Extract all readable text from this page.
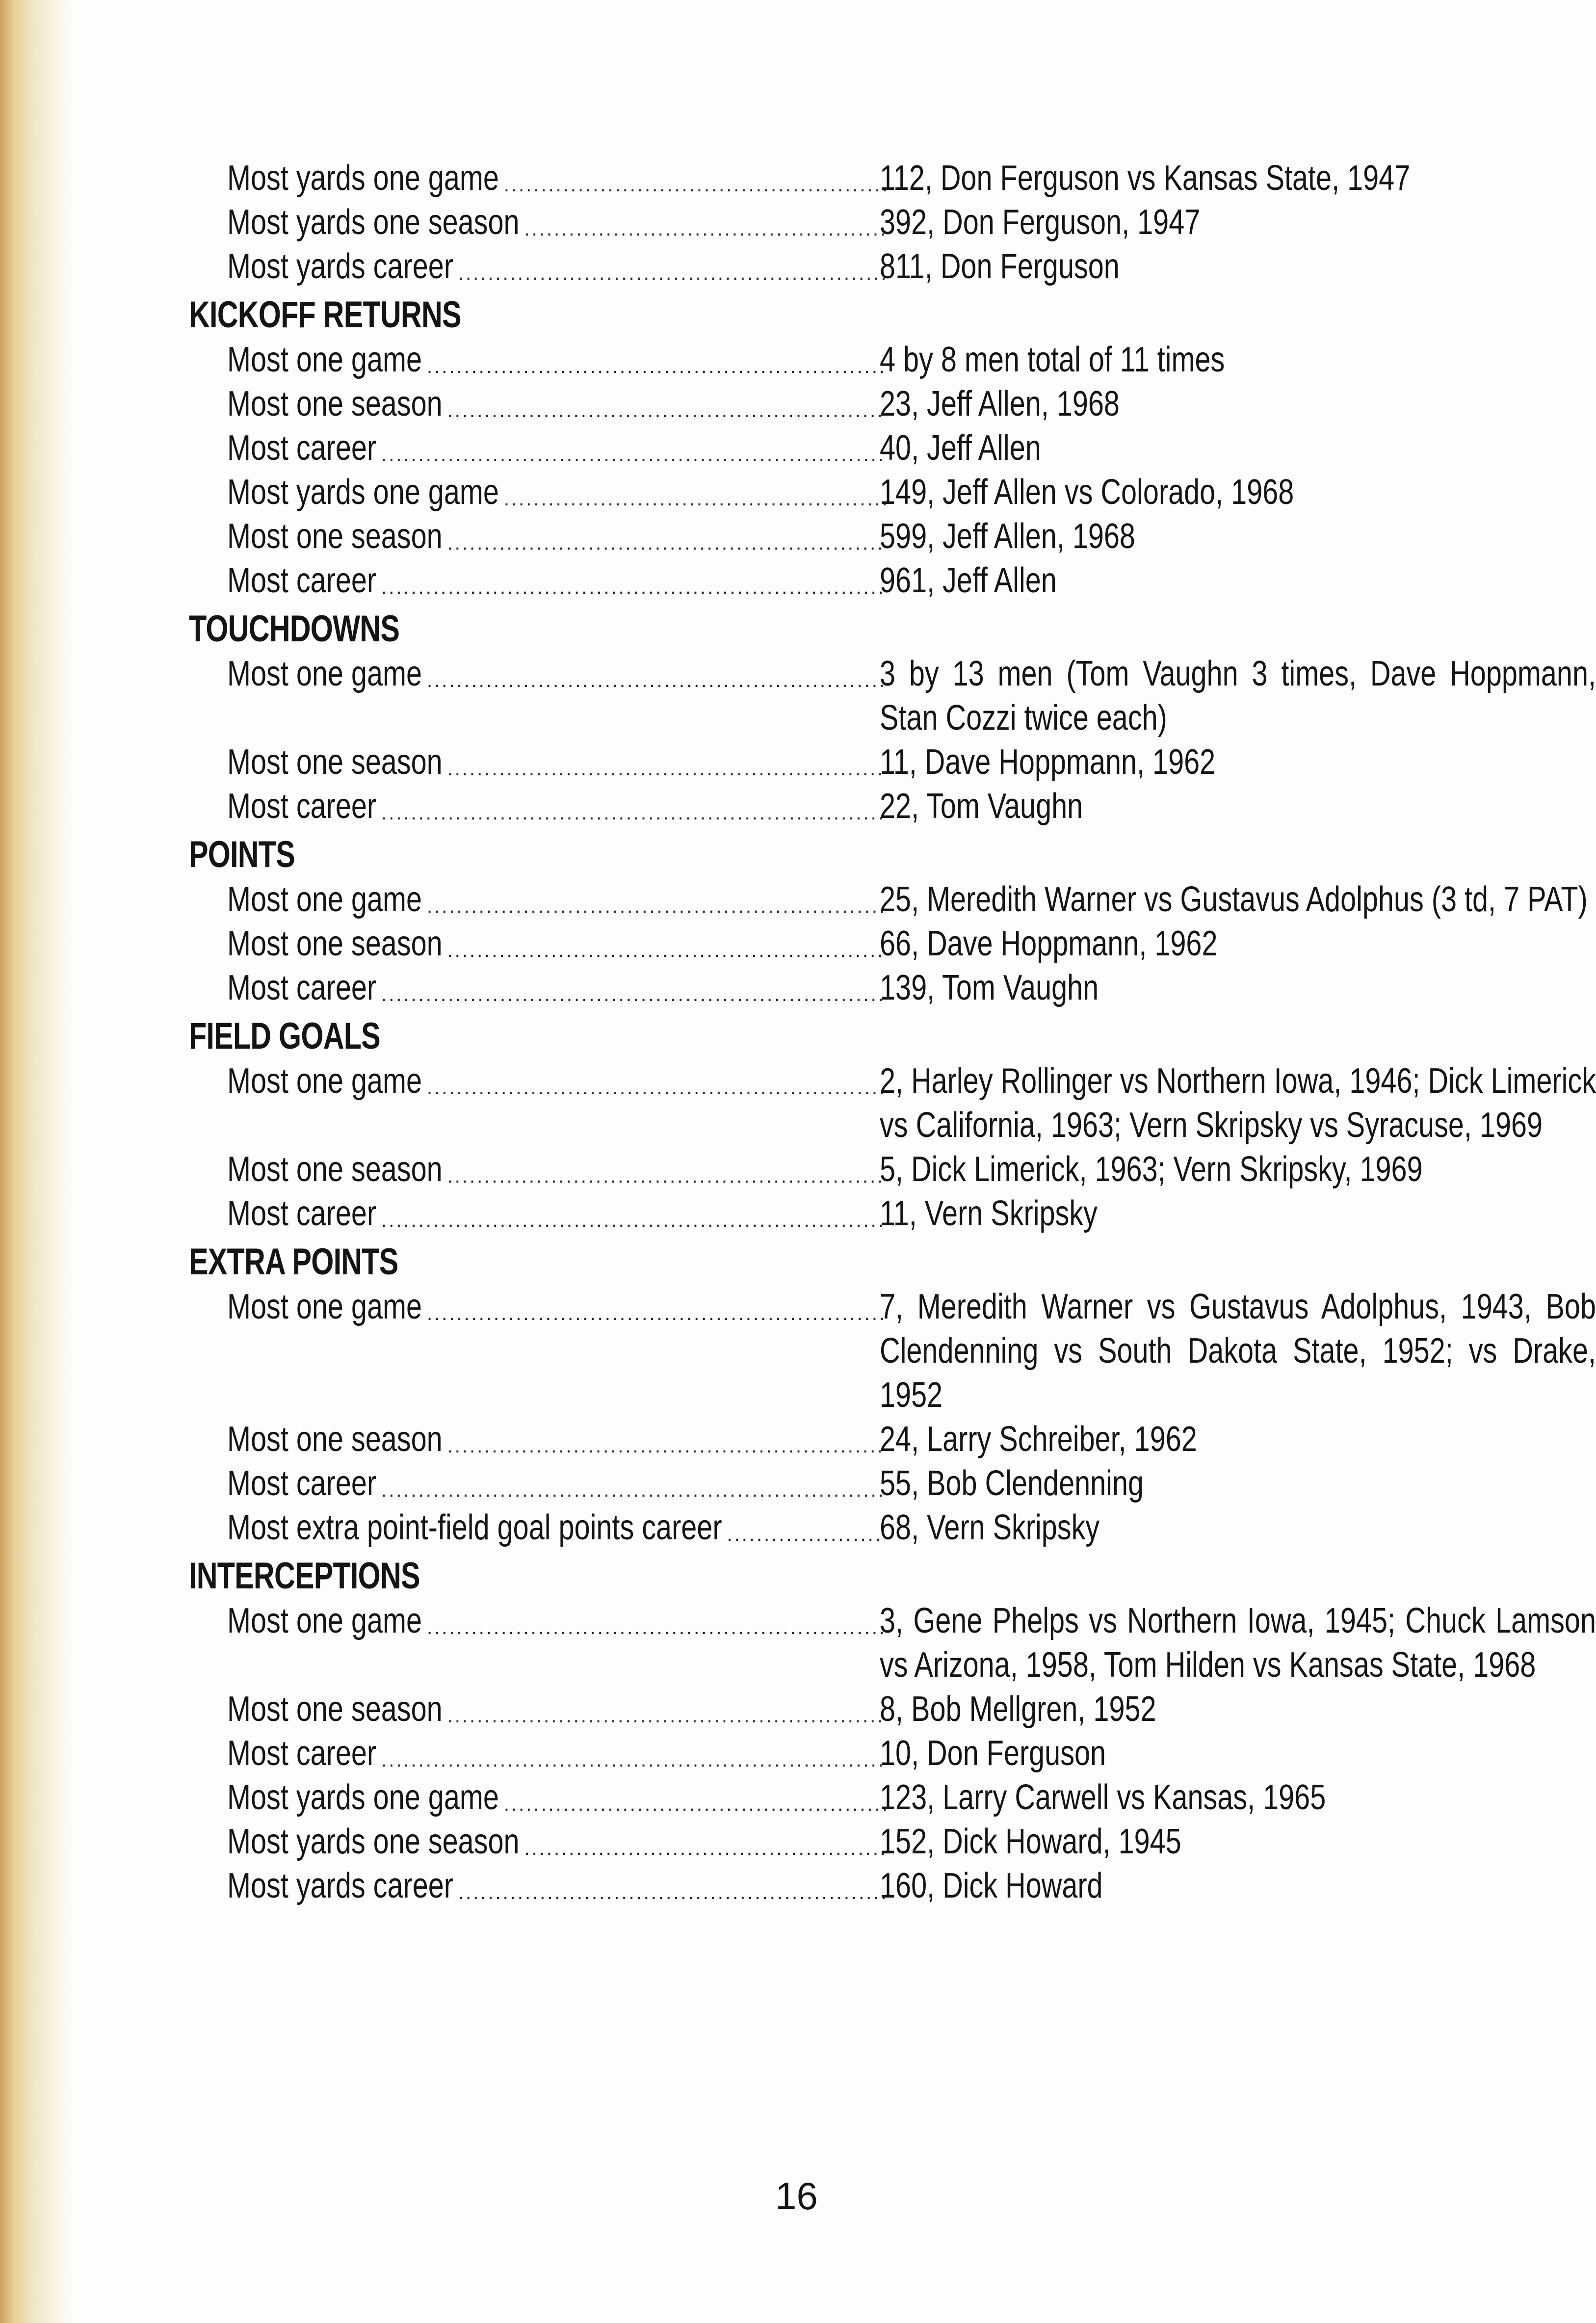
Most yards one game ....................................................
112, Don Ferguson vs Kansas State, 1947
Most yards one season .................................................
392, Don Ferguson, 1947
Most yards career ..........................................................
811, Don Ferguson
KICKOFF RETURNS
Most one game ..............................................................
4 by 8 men total of 11 times
Most one season ...........................................................
23, Jeff Allen, 1968
Most career ....................................................................
40, Jeff Allen
Most yards one game ....................................................
149, Jeff Allen vs Colorado, 1968
Most one season ...........................................................
599, Jeff Allen, 1968
Most career ....................................................................
961, Jeff Allen
TOUCHDOWNS
Most one game ..............................................................
3 by 13 men (Tom Vaughn 3 times, Dave Hoppmann, Stan Cozzi twice each)
Most one season ...........................................................
11, Dave Hoppmann, 1962
Most career ....................................................................
22, Tom Vaughn
POINTS
Most one game ..............................................................
25, Meredith Warner vs Gustavus Adolphus (3 td, 7 PAT)
Most one season ...........................................................
66, Dave Hoppmann, 1962
Most career ....................................................................
139, Tom Vaughn
FIELD GOALS
Most one game ..............................................................
2, Harley Rollinger vs Northern Iowa, 1946; Dick Limerick vs California, 1963; Vern Skripsky vs Syracuse, 1969
Most one season ...........................................................
5, Dick Limerick, 1963; Vern Skripsky, 1969
Most career ....................................................................
11, Vern Skripsky
EXTRA POINTS
Most one game ..............................................................
7, Meredith Warner vs Gustavus Adolphus, 1943, Bob Clendenning vs South Dakota State, 1952; vs Drake, 1952
Most one season ...........................................................
24, Larry Schreiber, 1962
Most career ....................................................................
55, Bob Clendenning
Most extra point-field goal points career .....................
68, Vern Skripsky
INTERCEPTIONS
Most one game ..............................................................
3, Gene Phelps vs Northern Iowa, 1945; Chuck Lamson vs Arizona, 1958, Tom Hilden vs Kansas State, 1968
Most one season ...........................................................
8, Bob Mellgren, 1952
Most career ....................................................................
10, Don Ferguson
Most yards one game ....................................................
123, Larry Carwell vs Kansas, 1965
Most yards one season .................................................
152, Dick Howard, 1945
Most yards career ..........................................................
160, Dick Howard
16
